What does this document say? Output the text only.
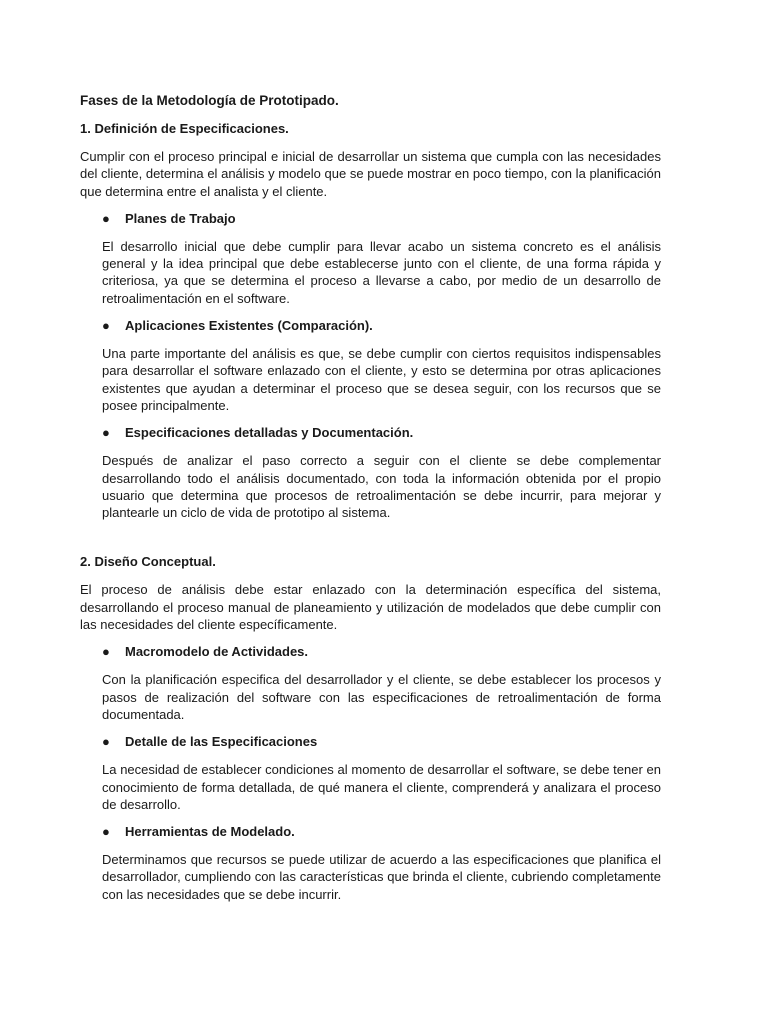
Fases de la Metodología de Prototipado.
1. Definición de Especificaciones.
Cumplir con el proceso principal e inicial de desarrollar un sistema que cumpla con las necesidades del cliente, determina el análisis y modelo que se puede mostrar en poco tiempo, con la planificación que determina entre el analista y el cliente.
●	Planes de Trabajo
El desarrollo inicial que debe cumplir para llevar acabo un sistema concreto es el análisis general y la idea principal que debe establecerse junto con el cliente, de una forma rápida y criteriosa, ya que se determina el proceso a llevarse a cabo, por medio de un desarrollo de retroalimentación en el software.
●	Aplicaciones Existentes (Comparación).
Una parte importante del análisis es que, se debe cumplir con ciertos requisitos indispensables para desarrollar el software enlazado con el cliente, y esto se determina por otras aplicaciones existentes que ayudan a determinar el proceso que se desea seguir, con los recursos que se posee principalmente.
●	Especificaciones detalladas y Documentación.
Después de analizar el paso correcto a seguir con el cliente se debe complementar desarrollando todo el análisis documentado, con toda la información obtenida por el propio usuario que determina que procesos de retroalimentación se debe incurrir, para mejorar y plantearle un ciclo de vida de prototipo al sistema.
2. Diseño Conceptual.
El proceso de análisis debe estar enlazado con la determinación específica del sistema, desarrollando el proceso manual de planeamiento y utilización de modelados que debe cumplir con las necesidades del cliente específicamente.
●	Macromodelo de Actividades.
Con la planificación especifica del desarrollador y el cliente, se debe establecer los procesos y pasos de realización del software con las especificaciones de retroalimentación de forma documentada.
●	Detalle de las Especificaciones
La necesidad de establecer condiciones al momento de desarrollar el software, se debe tener en conocimiento de forma detallada, de qué manera el cliente, comprenderá y analizara el proceso de desarrollo.
●	Herramientas de Modelado.
Determinamos que recursos se puede utilizar de acuerdo a las especificaciones que planifica el desarrollador, cumpliendo con las características que brinda el cliente, cubriendo completamente con las necesidades que se debe incurrir.
